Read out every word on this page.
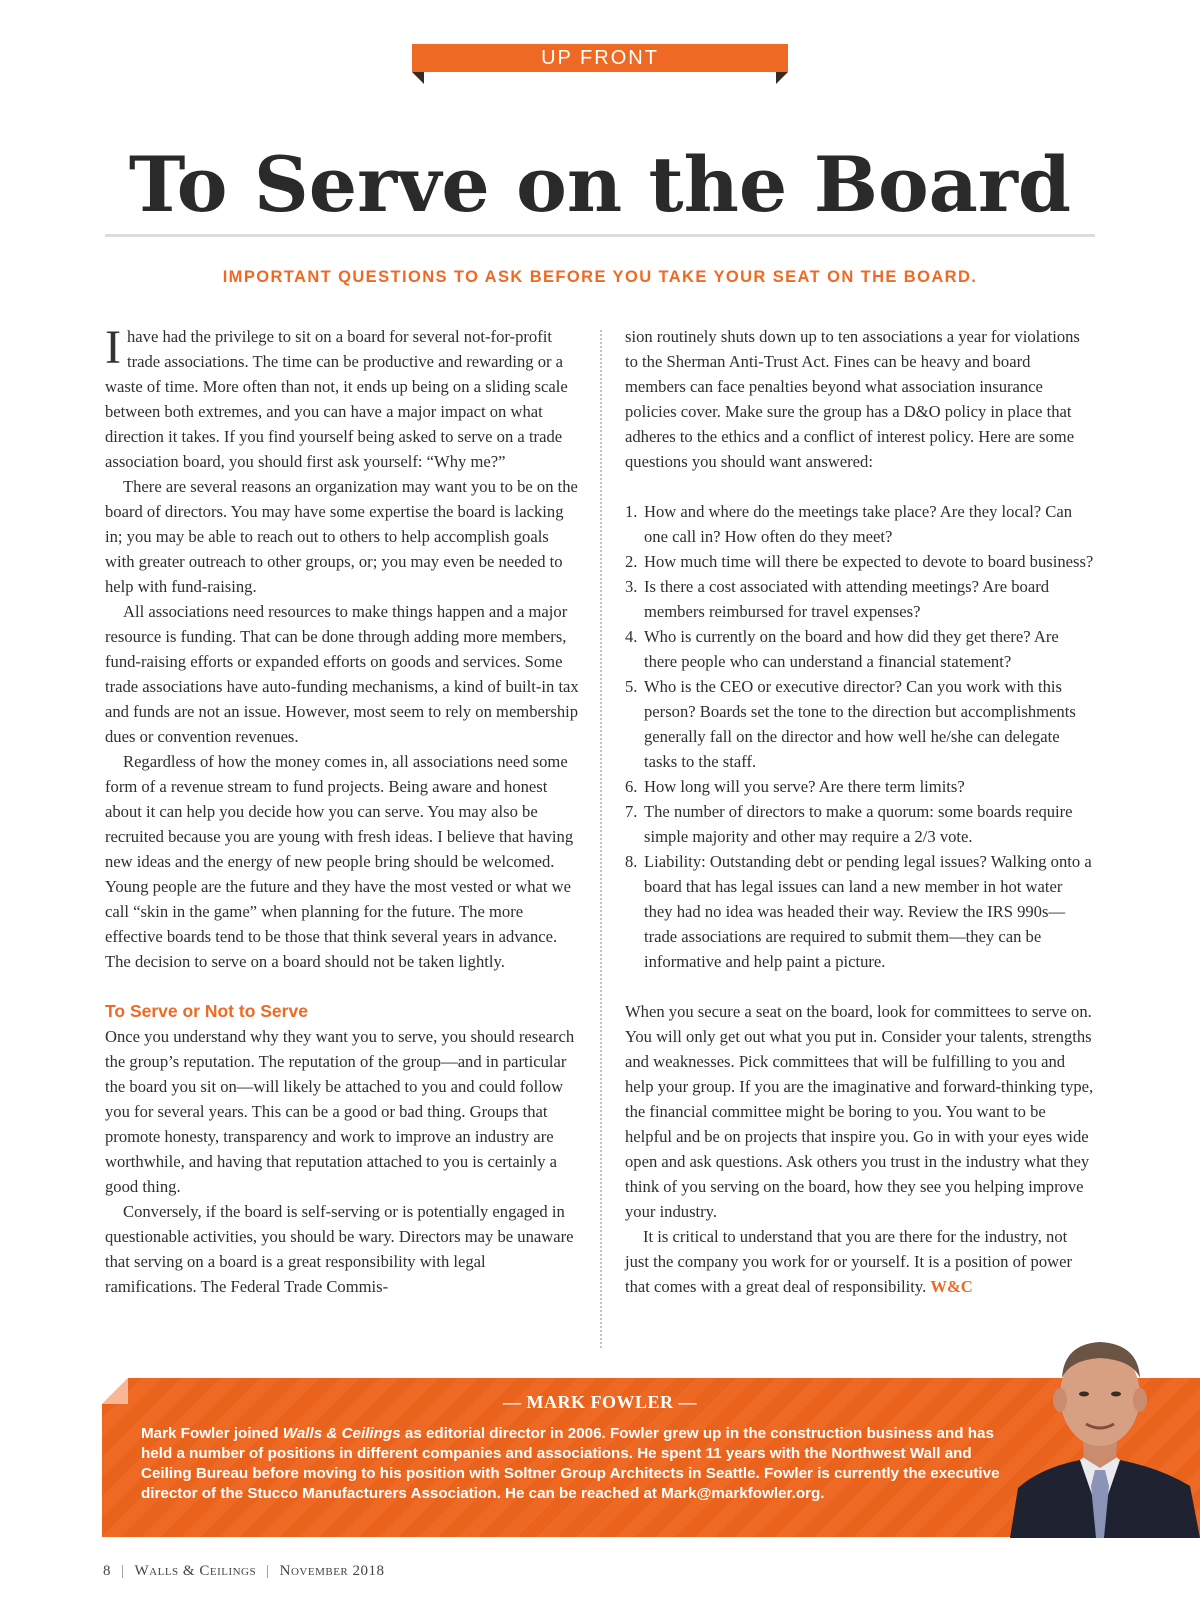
UP FRONT
To Serve on the Board
IMPORTANT QUESTIONS TO ASK BEFORE YOU TAKE YOUR SEAT ON THE BOARD.

Ihave had the privilege to sit on a board for several not-for-profit trade associations. The time can be productive and rewarding or a waste of time. More often than not, it ends up being on a sliding scale between both extremes, and you can have a major impact on what direction it takes. If you find yourself being asked to serve on a trade association board, you should first ask yourself: “Why me?”

There are several reasons an organization may want you to be on the board of directors. You may have some expertise the board is lacking in; you may be able to reach out to others to help accomplish goals with greater outreach to other groups, or; you may even be needed to help with fund-raising.

All associations need resources to make things happen and a major resource is funding. That can be done through adding more members, fund-raising efforts or expanded efforts on goods and services. Some trade associations have auto-funding mechanisms, a kind of built-in tax and funds are not an issue. However, most seem to rely on membership dues or convention revenues.

Regardless of how the money comes in, all associations need some form of a revenue stream to fund projects. Being aware and honest about it can help you decide how you can serve. You may also be recruited because you are young with fresh ideas. I believe that having new ideas and the energy of new people bring should be welcomed. Young people are the future and they have the most vested or what we call “skin in the game” when planning for the future. The more effective boards tend to be those that think several years in advance. The decision to serve on a board should not be taken lightly.

To Serve or Not to Serve

Once you understand why they want you to serve, you should research the group’s reputation. The reputation of the group—and in particular the board you sit on—will likely be attached to you and could follow you for several years. This can be a good or bad thing. Groups that promote honesty, transparency and work to improve an industry are worthwhile, and having that reputation attached to you is certainly a good thing.

Conversely, if the board is self-serving or is potentially engaged in questionable activities, you should be wary. Directors may be unaware that serving on a board is a great responsibility with legal ramifications. The Federal Trade Commis-

sion routinely shuts down up to ten associations a year for violations to the Sherman Anti-Trust Act. Fines can be heavy and board members can face penalties beyond what association insurance policies cover. Make sure the group has a D&O policy in place that adheres to the ethics and a conflict of interest policy. Here are some questions you should want answered:

1. How and where do the meetings take place? Are they local? Can one call in? How often do they meet?
2. How much time will there be expected to devote to board business?
3. Is there a cost associated with attending meetings? Are board members reimbursed for travel expenses?
4. Who is currently on the board and how did they get there? Are there people who can understand a financial statement?
5. Who is the CEO or executive director? Can you work with this person? Boards set the tone to the direction but accomplishments generally fall on the director and how well he/she can delegate tasks to the staff.
6. How long will you serve? Are there term limits?
7. The number of directors to make a quorum: some boards require simple majority and other may require a 2/3 vote.
8. Liability: Outstanding debt or pending legal issues? Walking onto a board that has legal issues can land a new member in hot water they had no idea was headed their way. Review the IRS 990s—trade associations are required to submit them—they can be informative and help paint a picture.

When you secure a seat on the board, look for committees to serve on. You will only get out what you put in. Consider your talents, strengths and weaknesses. Pick committees that will be fulfilling to you and help your group. If you are the imaginative and forward-thinking type, the financial committee might be boring to you. You want to be helpful and be on projects that inspire you. Go in with your eyes wide open and ask questions. Ask others you trust in the industry what they think of you serving on the board, how they see you helping improve your industry.

It is critical to understand that you are there for the industry, not just the company you work for or yourself. It is a position of power that comes with a great deal of responsibility. W&C

— MARK FOWLER —
Mark Fowler joined Walls & Ceilings as editorial director in 2006. Fowler grew up in the construction business and has held a number of positions in different companies and associations. He spent 11 years with the Northwest Wall and Ceiling Bureau before moving to his position with Soltner Group Architects in Seattle. Fowler is currently the executive director of the Stucco Manufacturers Association. He can be reached at Mark@markfowler.org.
8 | Walls & Ceilings | November 2018
